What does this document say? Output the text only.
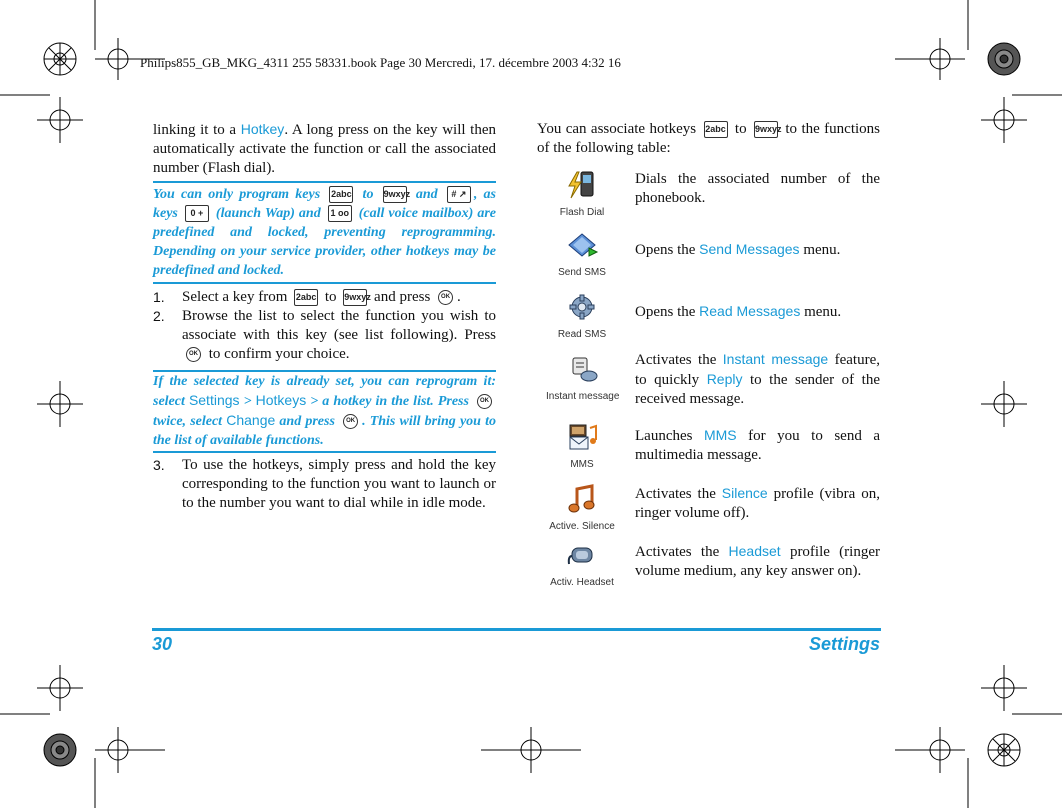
Philips855_GB_MKG_4311 255 58331.book Page 30 Mercredi, 17. décembre 2003 4:32 16
linking it to a Hotkey. A long press on the key will then automatically activate the function or call the associated number (Flash dial).
You can only program keys 2abc to 9wxyz and # ↗ , as keys 0 + (launch Wap) and 1 oo (call voice mailbox) are predefined and locked, preventing reprogramming. Depending on your service provider, other hotkeys may be predefined and locked.
1. Select a key from 2abc to 9wxyz and press OK .
2. Browse the list to select the function you wish to associate with this key (see list following). Press OK to confirm your choice.
If the selected key is already set, you can reprogram it: select Settings > Hotkeys > a hotkey in the list. Press OK twice, select Change and press OK . This will bring you to the list of available functions.
3. To use the hotkeys, simply press and hold the key corresponding to the function you want to launch or to the number you want to dial while in idle mode.
You can associate hotkeys 2abc to 9wxyz to the functions of the following table:
Flash Dial
Dials the associated number of the phonebook.
Send SMS
Opens the Send Messages menu.
Read SMS
Opens the Read Messages menu.
Instant message
Activates the Instant message feature, to quickly Reply to the sender of the received message.
MMS
Launches MMS for you to send a multimedia message.
Active. Silence
Activates the Silence profile (vibra on, ringer volume off).
Activ. Headset
Activates the Headset profile (ringer volume medium, any key answer on).
30	Settings
